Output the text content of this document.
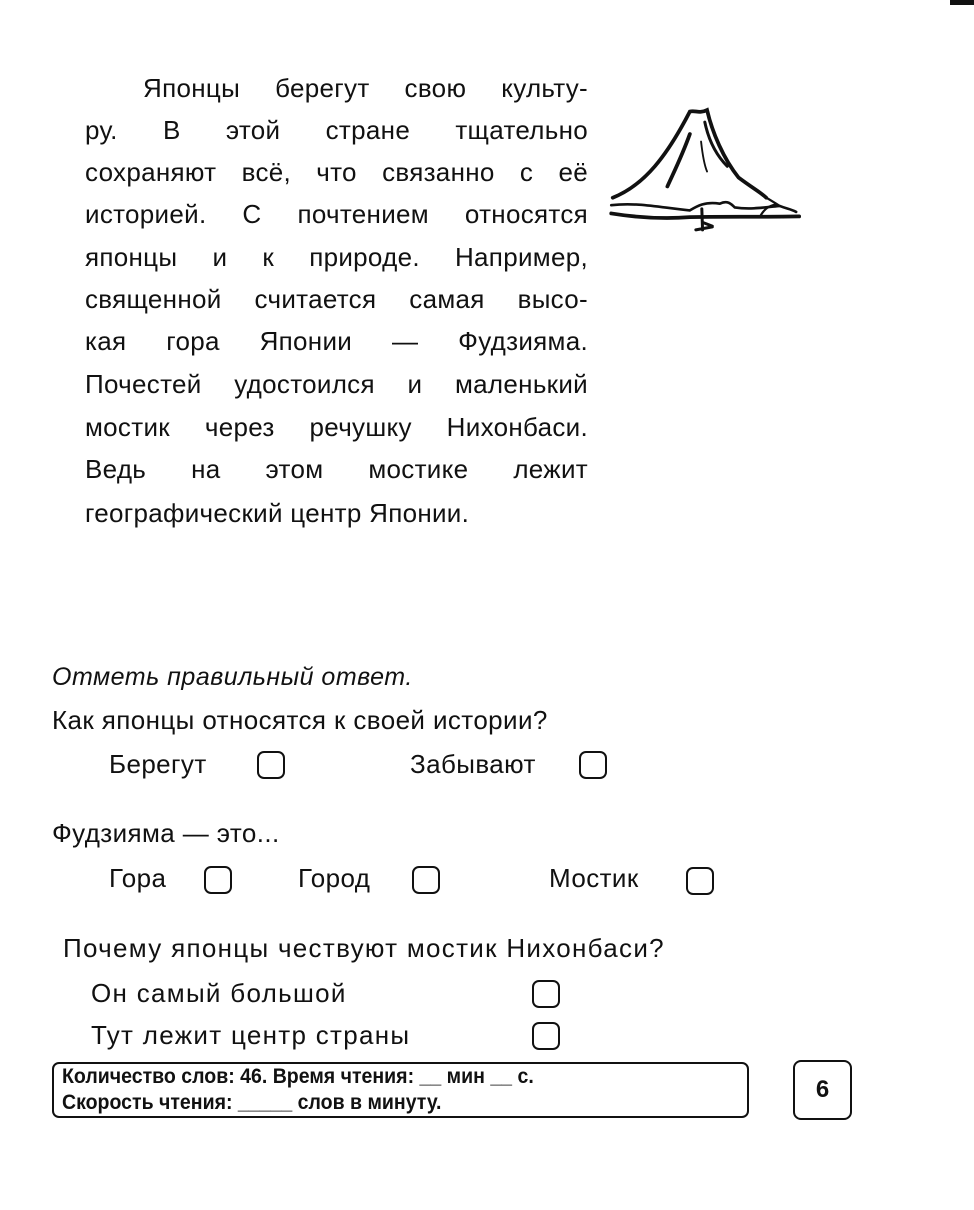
Японцы берегут свою культу-
ру. В этой стране тщательно
сохраняют всё, что связанно с её
историей. С почтением относятся
японцы и к природе. Например,
священной считается самая высо-
кая гора Японии — Фудзияма.
Почестей удостоился и маленький
мостик через речушку Нихонбаси.
Ведь на этом мостике лежит
географический центр Японии.
Отметь правильный ответ.
Как японцы относятся к своей истории?
Берегут	Забывают
Фудзияма — это...
Гора	Город	Мостик
Почему японцы чествуют мостик Нихонбаси?
Он самый большой
Тут лежит центр страны
Количество слов: 46. Время чтения: __ мин __ с.
Скорость чтения: _____ слов в минуту.	6
